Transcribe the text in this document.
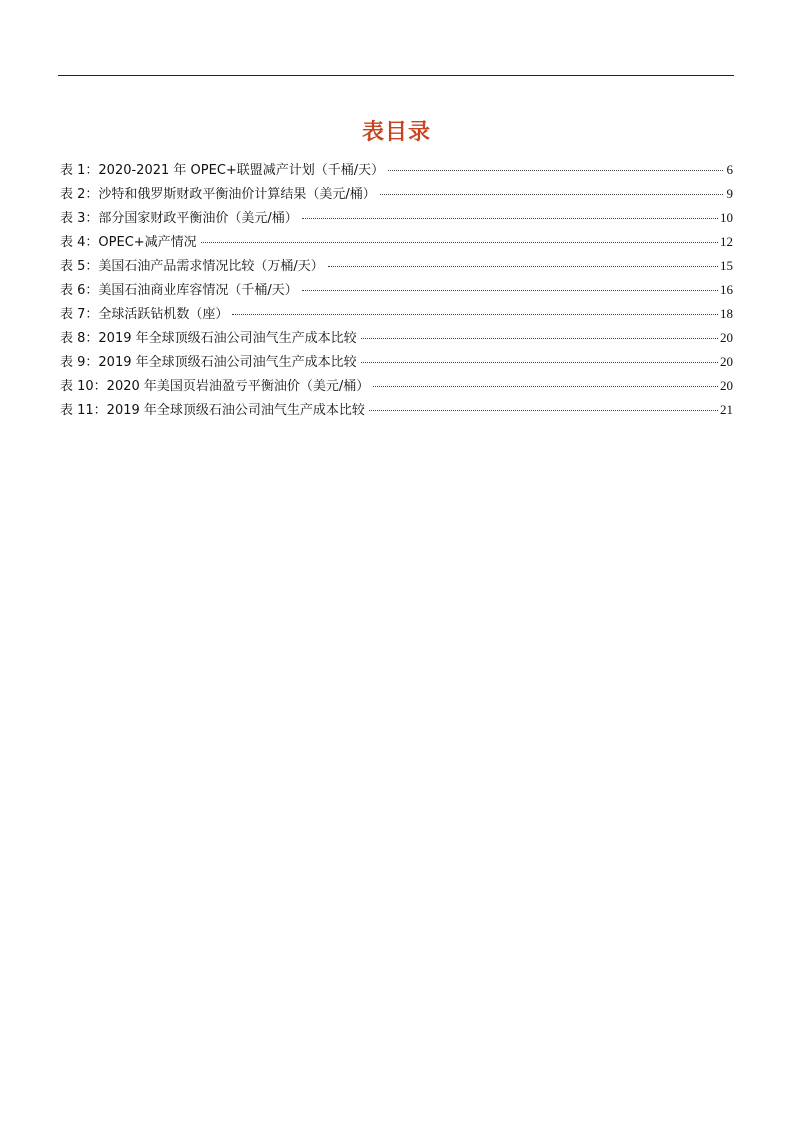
表目录
表 1：2020-2021 年 OPEC+联盟减产计划（千桶/天）	6
表 2：沙特和俄罗斯财政平衡油价计算结果（美元/桶）	9
表 3：部分国家财政平衡油价（美元/桶）	10
表 4：OPEC+减产情况	12
表 5：美国石油产品需求情况比较（万桶/天）	15
表 6：美国石油商业库容情况（千桶/天）	16
表 7：全球活跃钻机数（座）	18
表 8：2019 年全球顶级石油公司油气生产成本比较	20
表 9：2019 年全球顶级石油公司油气生产成本比较	20
表 10：2020 年美国页岩油盈亏平衡油价（美元/桶）	20
表 11：2019 年全球顶级石油公司油气生产成本比较	21
